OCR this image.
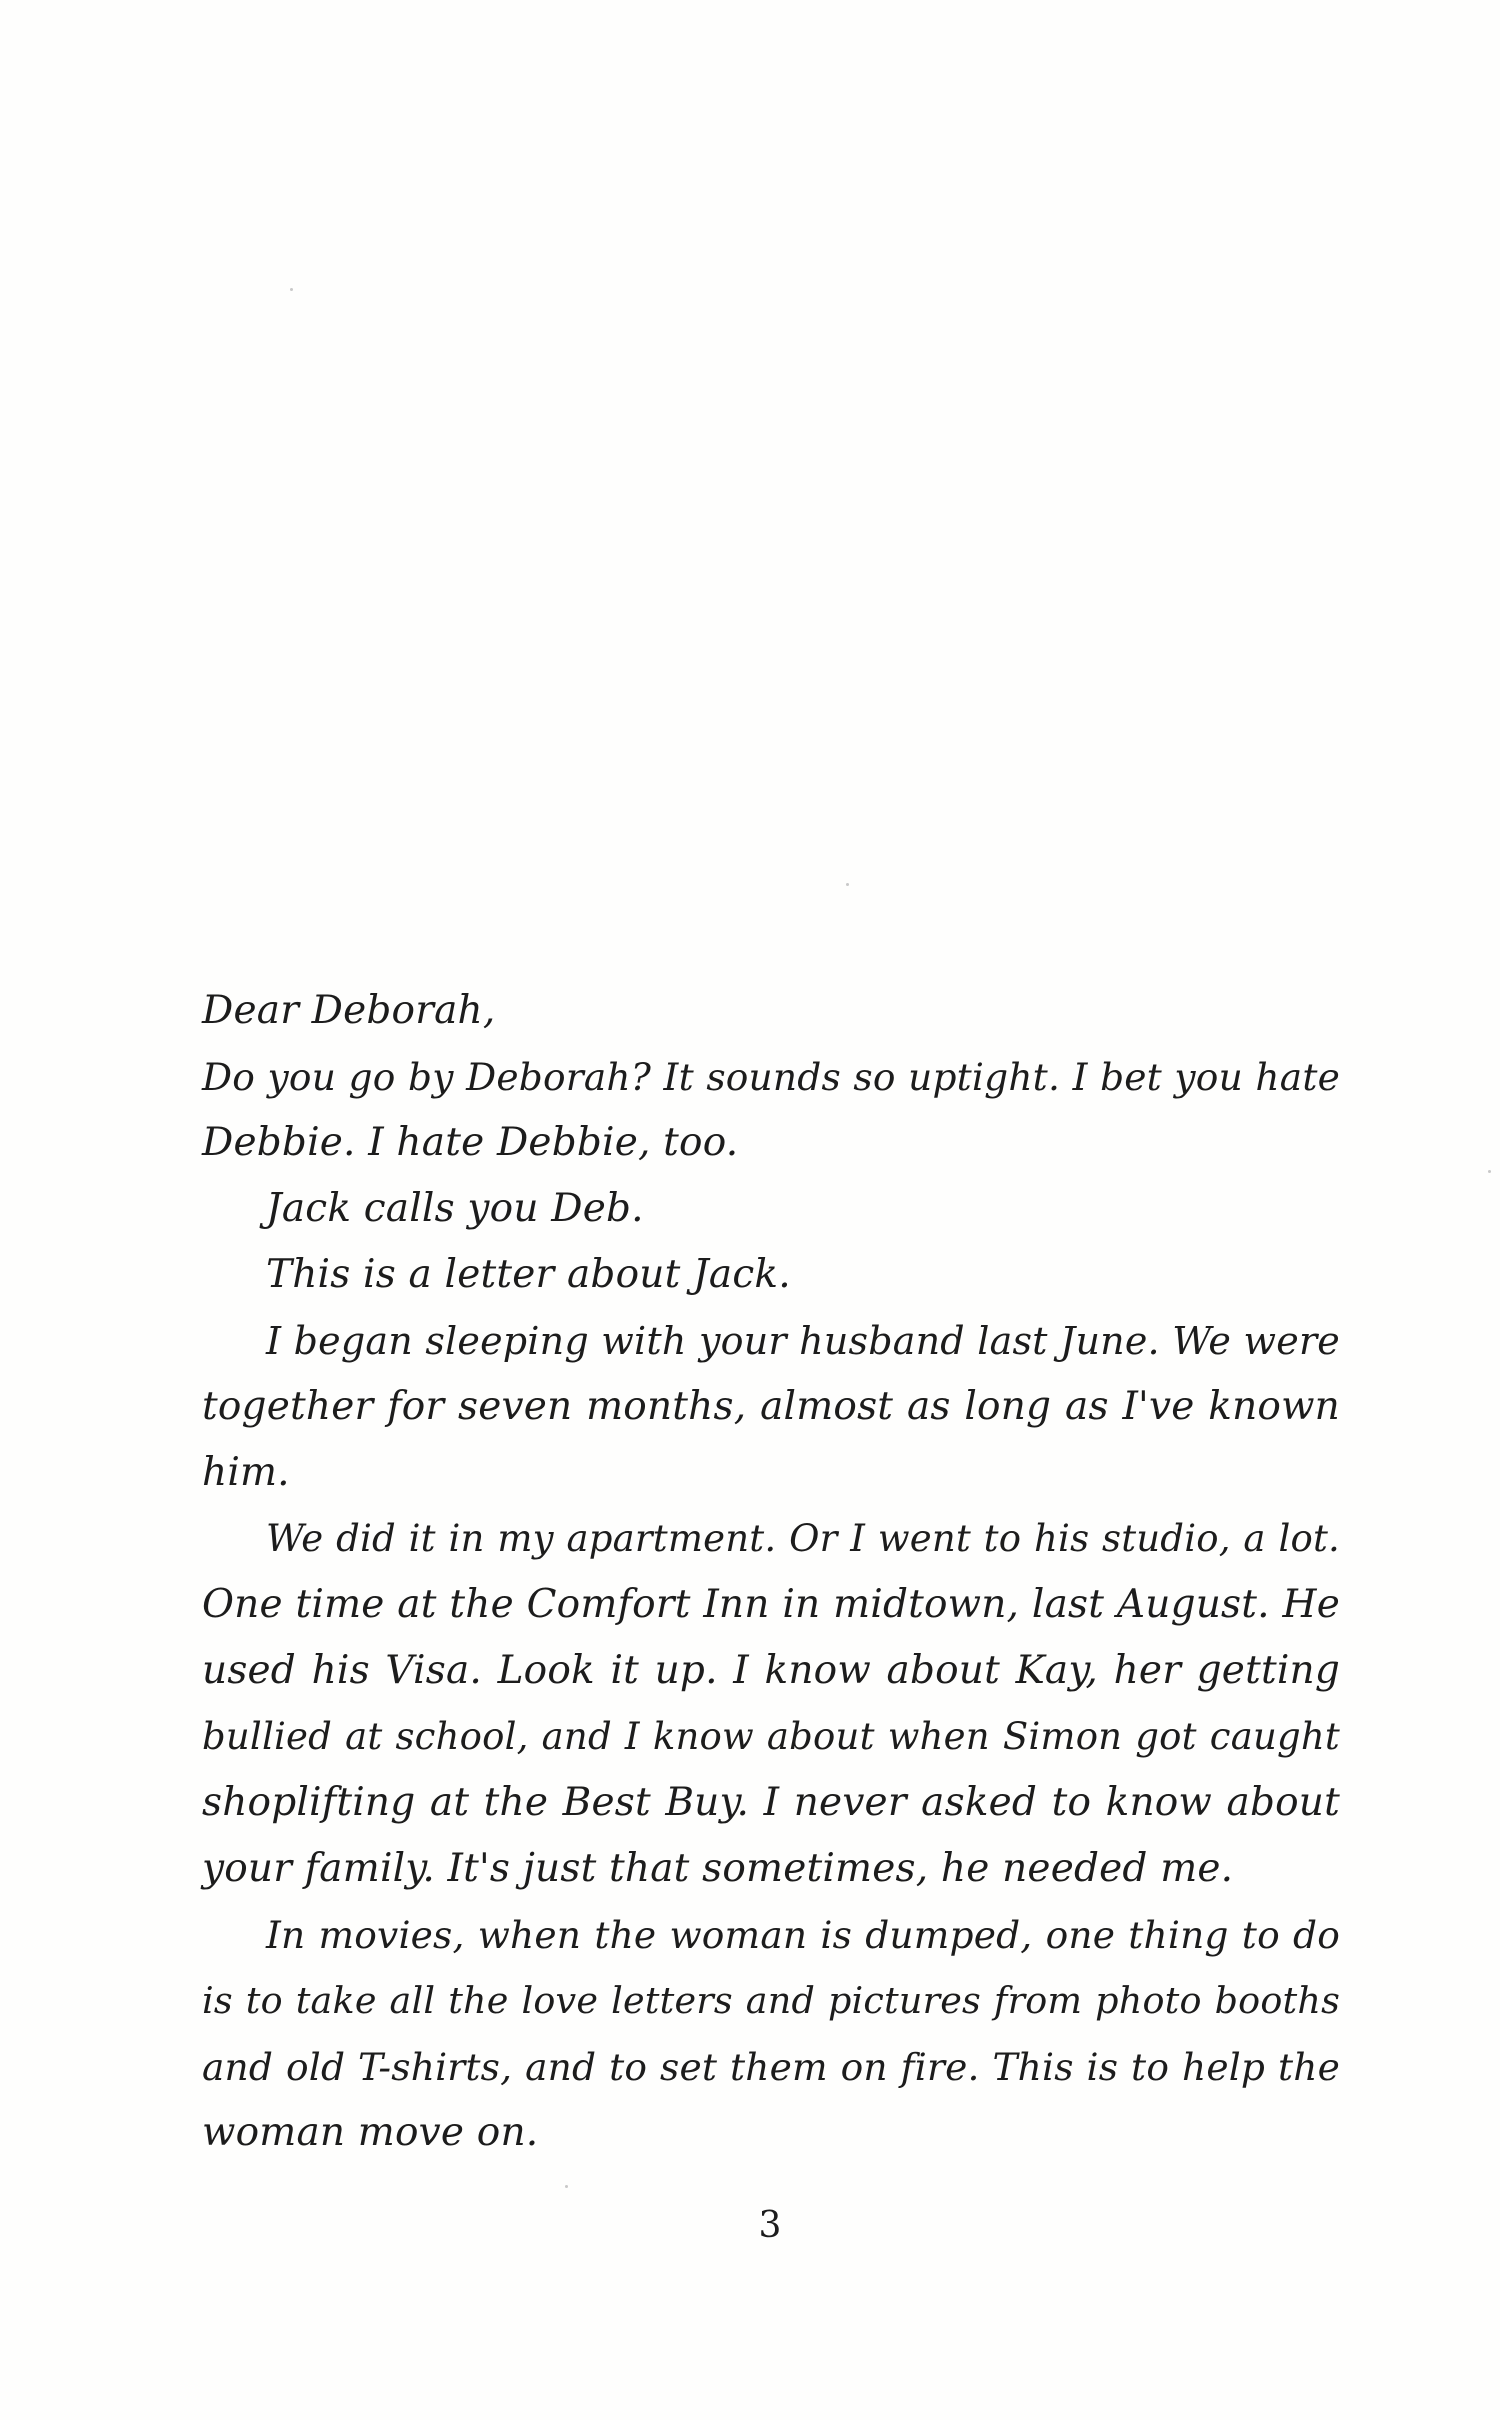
Dear Deborah,
Do you go by Deborah? It sounds so uptight. I bet you hate
Debbie. I hate Debbie, too.
Jack calls you Deb.
This is a letter about Jack.
I began sleeping with your husband last June. We were
together for seven months, almost as long as I've known
him.
We did it in my apartment. Or I went to his studio, a lot.
One time at the Comfort Inn in midtown, last August. He
used his Visa. Look it up. I know about Kay, her getting
bullied at school, and I know about when Simon got caught
shoplifting at the Best Buy. I never asked to know about
your family. It's just that sometimes, he needed me.
In movies, when the woman is dumped, one thing to do
is to take all the love letters and pictures from photo booths
and old T-shirts, and to set them on fire. This is to help the
woman move on.
3
